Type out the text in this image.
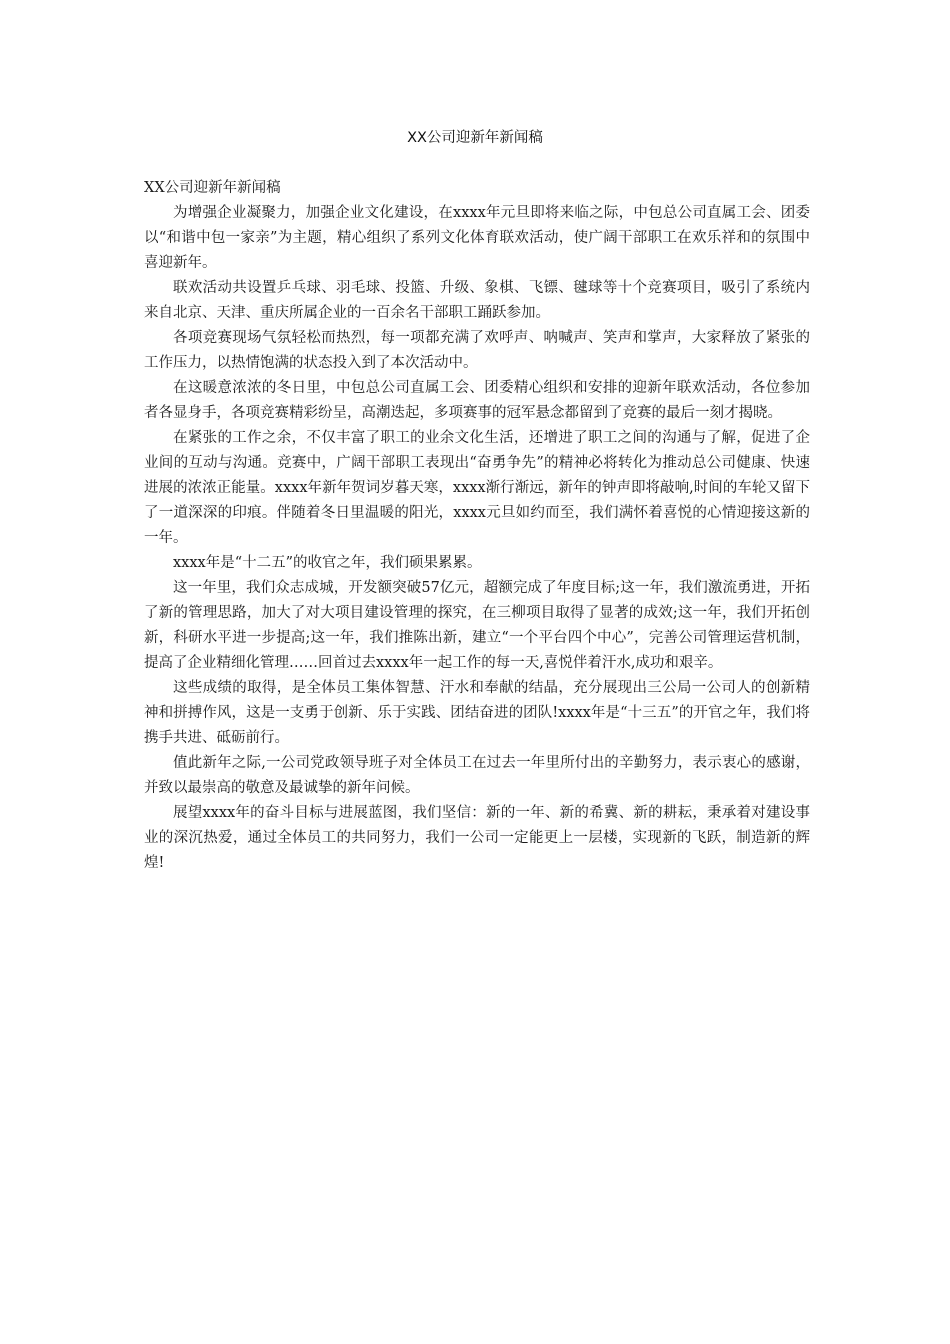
XX公司迎新年新闻稿

XX公司迎新年新闻稿

为增强企业凝聚力，加强企业文化建设，在xxxx年元旦即将来临之际，中包总公司直属工会、团委以“和谐中包一家亲”为主题，精心组织了系列文化体育联欢活动，使广阔干部职工在欢乐祥和的氛围中喜迎新年。

联欢活动共设置乒乓球、羽毛球、投篮、升级、象棋、飞镖、毽球等十个竞赛项目，吸引了系统内来自北京、天津、重庆所属企业的一百余名干部职工踊跃参加。

各项竞赛现场气氛轻松而热烈，每一项都充满了欢呼声、呐喊声、笑声和掌声，大家释放了紧张的工作压力，以热情饱满的状态投入到了本次活动中。

在这暖意浓浓的冬日里，中包总公司直属工会、团委精心组织和安排的迎新年联欢活动，各位参加者各显身手，各项竞赛精彩纷呈，高潮迭起，多项赛事的冠军悬念都留到了竞赛的最后一刻才揭晓。

在紧张的工作之余，不仅丰富了职工的业余文化生活，还增进了职工之间的沟通与了解，促进了企业间的互动与沟通。竞赛中，广阔干部职工表现出“奋勇争先”的精神必将转化为推动总公司健康、快速进展的浓浓正能量。xxxx年新年贺词岁暮天寒，xxxx渐行渐远，新年的钟声即将敲响,时间的车轮又留下了一道深深的印痕。伴随着冬日里温暖的阳光，xxxx元旦如约而至，我们满怀着喜悦的心情迎接这新的一年。

xxxx年是“十二五”的收官之年，我们硕果累累。

这一年里，我们众志成城，开发额突破57亿元，超额完成了年度目标;这一年，我们激流勇进，开拓了新的管理思路，加大了对大项目建设管理的探究，在三柳项目取得了显著的成效;这一年，我们开拓创新，科研水平进一步提高;这一年，我们推陈出新，建立“一个平台四个中心”，完善公司管理运营机制，提高了企业精细化管理……回首过去xxxx年一起工作的每一天,喜悦伴着汗水,成功和艰辛。

这些成绩的取得，是全体员工集体智慧、汗水和奉献的结晶，充分展现出三公局一公司人的创新精神和拼搏作风，这是一支勇于创新、乐于实践、团结奋进的团队!xxxx年是“十三五”的开官之年，我们将携手共进、砥砺前行。

值此新年之际,一公司党政领导班子对全体员工在过去一年里所付出的辛勤努力，表示衷心的感谢，并致以最崇高的敬意及最诚挚的新年问候。

展望xxxx年的奋斗目标与进展蓝图，我们坚信：新的一年、新的希冀、新的耕耘，秉承着对建设事业的深沉热爱，通过全体员工的共同努力，我们一公司一定能更上一层楼，实现新的飞跃，制造新的辉煌!
